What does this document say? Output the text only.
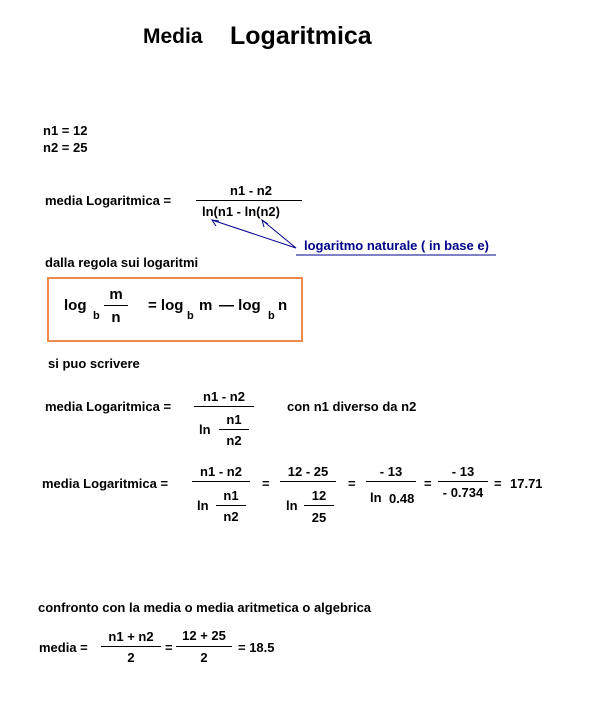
Media Logaritmica
n1 = 12
n2 = 25
media Logaritmica =
n1 - n2
ln(n1 - ln(n2)
logaritmo naturale ( in base e)
dalla regola sui logaritmi
log
b
m
n
= log
b
m — log
b
n
si puo scrivere
media Logaritmica =
n1 - n2
ln
n1
n2
con n1 diverso da n2
media Logaritmica =
n1 - n2
ln
n1
n2
=
12 - 25
ln
12
25
=
- 13
ln 0.48
=
- 13
- 0.734
= 17.71
confronto con la media o media aritmetica o algebrica
media =
n1 + n2
2
=
12 + 25
2
= 18.5
